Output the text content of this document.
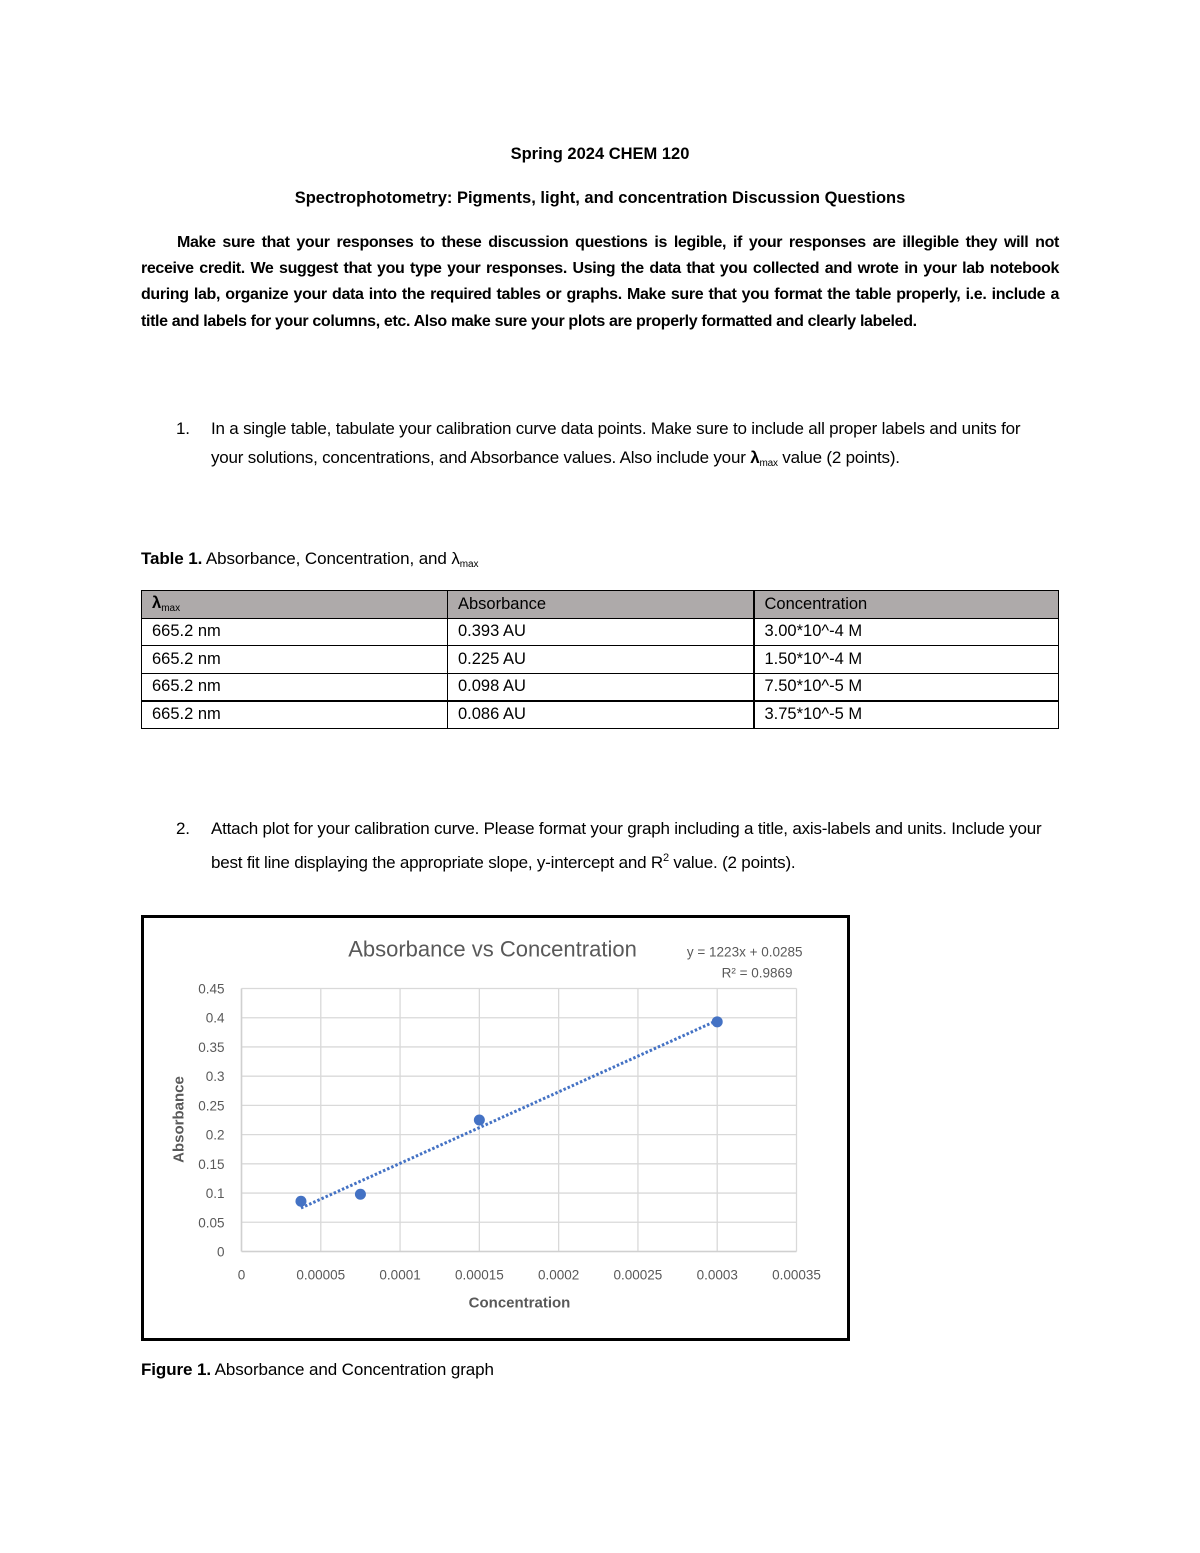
Spring 2024 CHEM 120
Spectrophotometry: Pigments, light, and concentration Discussion Questions
Make sure that your responses to these discussion questions is legible, if your responses are illegible they will not receive credit. We suggest that you type your responses. Using the data that you collected and wrote in your lab notebook during lab, organize your data into the required tables or graphs. Make sure that you format the table properly, i.e. include a title and labels for your columns, etc. Also make sure your plots are properly formatted and clearly labeled.
1.	In a single table, tabulate your calibration curve data points. Make sure to include all proper labels and units for your solutions, concentrations, and Absorbance values. Also include your $\lambda_{max}$ value (2 points).
Table 1. Absorbance, Concentration, and $\lambda_{max}$
$\lambda_{max}$	Absorbance	Concentration
665.2 nm	0.393 AU	3.00*10^-4 M
665.2 nm	0.225 AU	1.50*10^-4 M
665.2 nm	0.098 AU	7.50*10^-5 M
665.2 nm	0.086 AU	3.75*10^-5 M
2.	Attach plot for your calibration curve. Please format your graph including a title, axis-labels and units. Include your best fit line displaying the appropriate slope, y-intercept and $R^2$ value. (2 points).
0
0.05
0.1
0.15
0.2
0.25
0.3
0.35
0.4
0.45
0	0.00005	0.0001	0.00015	0.0002	0.00025	0.0003	0.00035
Absorbance vs Concentration	y = 1223x + 0.0285
R² = 0.9869
Concentration
Absorbance
Figure 1. Absorbance and Concentration graph
